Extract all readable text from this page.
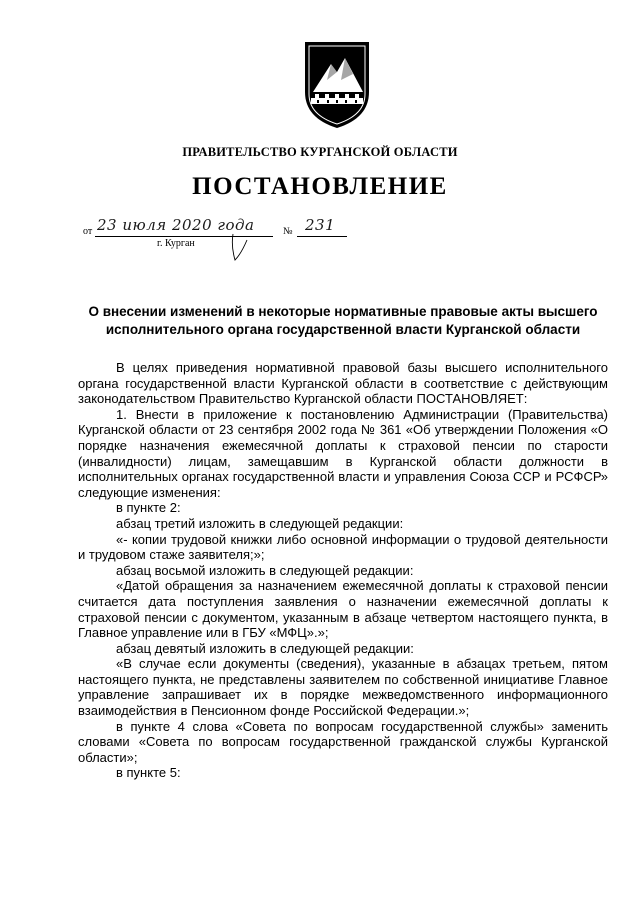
ПРАВИТЕЛЬСТВО КУРГАНСКОЙ ОБЛАСТИ
ПОСТАНОВЛЕНИЕ
от 23 июля 2020 года	№ 231
г. Курган
О внесении изменений в некоторые нормативные правовые акты высшего исполнительного органа государственной власти Курганской области

В целях приведения нормативной правовой базы высшего исполнительного органа государственной власти Курганской области в соответствие с действующим законодательством Правительство Курганской области ПОСТАНОВЛЯЕТ:

1. Внести в приложение к постановлению Администрации (Правительства) Курганской области от 23 сентября 2002 года № 361 «Об утверждении Положения «О порядке назначения ежемесячной доплаты к страховой пенсии по старости (инвалидности) лицам, замещавшим в Курганской области должности в исполнительных органах государственной власти и управления Союза ССР и РСФСР» следующие изменения:

в пункте 2:

абзац третий изложить в следующей редакции:

«- копии трудовой книжки либо основной информации о трудовой деятельности и трудовом стаже заявителя;»;

абзац восьмой изложить в следующей редакции:

«Датой обращения за назначением ежемесячной доплаты к страховой пенсии считается дата поступления заявления о назначении ежемесячной доплаты к страховой пенсии с документом, указанным в абзаце четвертом настоящего пункта, в Главное управление или в ГБУ «МФЦ».»;

абзац девятый изложить в следующей редакции:

«В случае если документы (сведения), указанные в абзацах третьем, пятом настоящего пункта, не представлены заявителем по собственной инициативе Главное управление запрашивает их в порядке межведомственного информационного взаимодействия в Пенсионном фонде Российской Федерации.»;

в пункте 4 слова «Совета по вопросам государственной службы» заменить словами «Совета по вопросам государственной гражданской службы Курганской области»;

в пункте 5:
